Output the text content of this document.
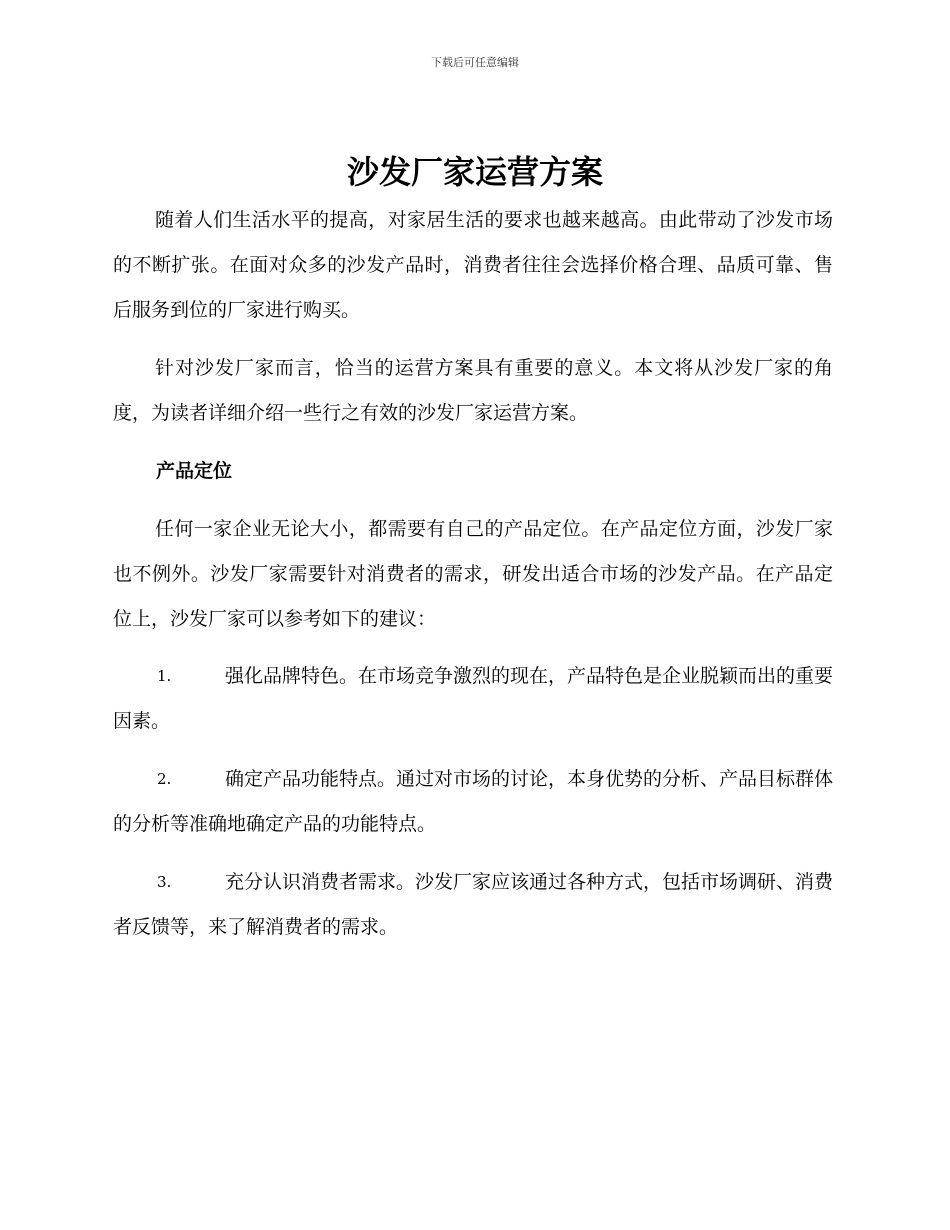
下载后可任意编辑
沙发厂家运营方案

随着人们生活水平的提高，对家居生活的要求也越来越高。由此带动了沙发市场的不断扩张。在面对众多的沙发产品时，消费者往往会选择价格合理、品质可靠、售后服务到位的厂家进行购买。

针对沙发厂家而言，恰当的运营方案具有重要的意义。本文将从沙发厂家的角度，为读者详细介绍一些行之有效的沙发厂家运营方案。

产品定位

任何一家企业无论大小，都需要有自己的产品定位。在产品定位方面，沙发厂家也不例外。沙发厂家需要针对消费者的需求，研发出适合市场的沙发产品。在产品定位上，沙发厂家可以参考如下的建议：

1.	强化品牌特色。在市场竞争激烈的现在，产品特色是企业脱颖而出的重要因素。

2.	确定产品功能特点。通过对市场的讨论，本身优势的分析、产品目标群体的分析等准确地确定产品的功能特点。

3.	充分认识消费者需求。沙发厂家应该通过各种方式，包括市场调研、消费者反馈等，来了解消费者的需求。
